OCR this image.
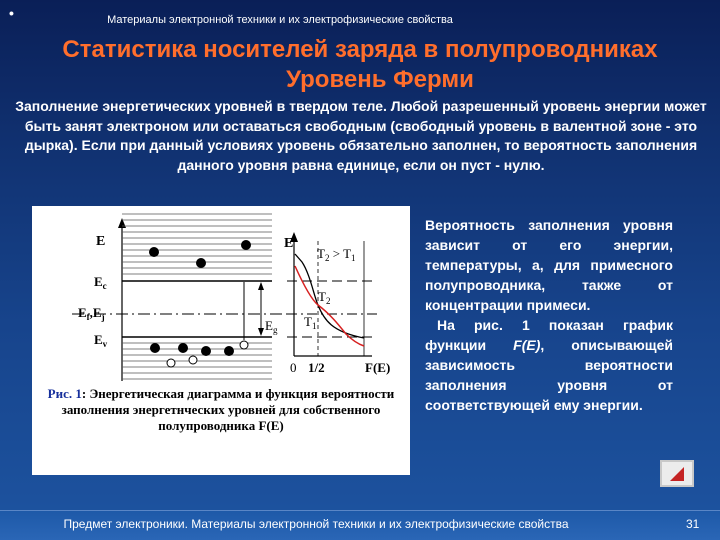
•	Материалы электронной техники и их электрофизические свойства
Статистика носителей заряда в полупроводниках
Уровень Ферми
Заполнение энергетических уровней в твердом теле. Любой разрешенный уровень энергии может быть занят электроном или оставаться свободным (свободный уровень в валентной зоне - это дырка). Если при данный условиях уровень обязательно заполнен, то вероятность заполнения данного уровня равна единице, если он пуст - нулю.
E
$E_c$
$E_f,E_j$
$E_v$
$E_g$
E
$T_2 > T_1$
$T_2$
$T_1$
0 1/2	F(E)
Рис. 1: Энергетическая диаграмма и функция вероятности заполнения энергетнческих уровней для собственного полупроводника F(E)

Вероятность заполнения уровня зависит от его энергии, температуры, а, для примесного полупроводника, также от концентрации примеси.

На рис. 1 показан график функции F(E), описывающей зависимость вероятности заполнения уровня от соответствующей ему энергии.

Предмет электроники. Материалы электронной техники и их электрофизические свойства	31
